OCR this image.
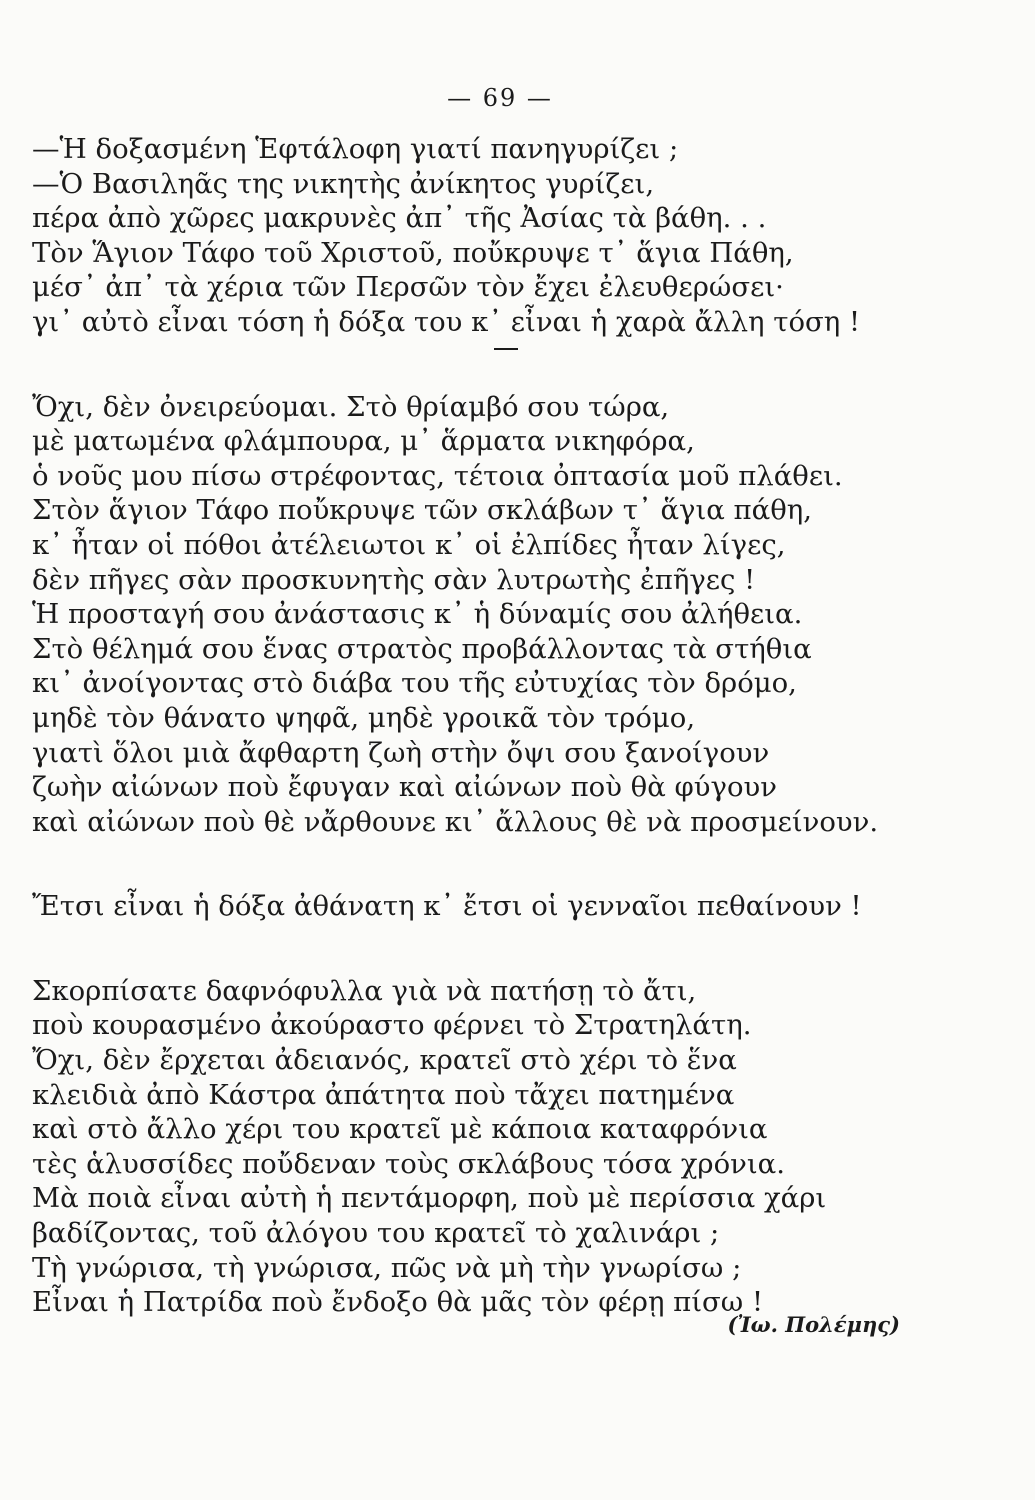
— 69 —
—Ἡ δοξασμένη Ἑφτάλοφη γιατί πανηγυρίζει ;
—Ὁ Βασιληᾶς της νικητὴς ἀνίκητος γυρίζει,
πέρα ἀπὸ χῶρες μακρυνὲς ἀπ᾽ τῆς Ἀσίας τὰ βάθη. . .
Τὸν Ἅγιον Τάφο τοῦ Χριστοῦ, ποὔκρυψε τ᾽ ἅγια Πάθη,
μέσ᾽ ἀπ᾽ τὰ χέρια τῶν Περσῶν τὸν ἔχει ἐλευθερώσει·
γι᾽ αὐτὸ εἶναι τόση ἡ δόξα του κ᾽ εἶναι ἡ χαρὰ ἄλλη τόση !
Ὄχι, δὲν ὀνειρεύομαι. Στὸ θρίαμβό σου τώρα,
μὲ ματωμένα φλάμπουρα, μ᾽ ἅρματα νικηφόρα,
ὁ νοῦς μου πίσω στρέφοντας, τέτοια ὀπτασία μοῦ πλάθει.
Στὸν ἅγιον Τάφο ποὔκρυψε τῶν σκλάβων τ᾽ ἅγια πάθη,
κ᾽ ἦταν οἱ πόθοι ἀτέλειωτοι κ᾽ οἱ ἐλπίδες ἦταν λίγες,
δὲν πῆγες σὰν προσκυνητὴς σὰν λυτρωτὴς ἐπῆγες !
Ἡ προσταγή σου ἀνάστασις κ᾽ ἡ δύναμίς σου ἀλήθεια.
Στὸ θέλημά σου ἕνας στρατὸς προβάλλοντας τὰ στήθια
κι᾽ ἀνοίγοντας στὸ διάβα του τῆς εὐτυχίας τὸν δρόμο,
μηδὲ τὸν θάνατο ψηφᾶ, μηδὲ γροικᾶ τὸν τρόμο,
γιατὶ ὅλοι μιὰ ἄφθαρτη ζωὴ στὴν ὄψι σου ξανοίγουν
ζωὴν αἰώνων ποὺ ἔφυγαν καὶ αἰώνων ποὺ θὰ φύγουν
καὶ αἰώνων ποὺ θὲ νἄρθουνε κι᾽ ἄλλους θὲ νὰ προσμείνουν.
Ἔτσι εἶναι ἡ δόξα ἀθάνατη κ᾽ ἔτσι οἱ γενναῖοι πεθαίνουν !
Σκορπίσατε δαφνόφυλλα γιὰ νὰ πατήσῃ τὸ ἄτι,
ποὺ κουρασμένο ἀκούραστο φέρνει τὸ Στρατηλάτη.
Ὄχι, δὲν ἔρχεται ἀδειανός, κρατεῖ στὸ χέρι τὸ ἕνα
κλειδιὰ ἀπὸ Κάστρα ἀπάτητα ποὺ τἄχει πατημένα
καὶ στὸ ἄλλο χέρι του κρατεῖ μὲ κάποια καταφρόνια
τὲς ἁλυσσίδες ποὔδεναν τοὺς σκλάβους τόσα χρόνια.
Μὰ ποιὰ εἶναι αὐτὴ ἡ πεντάμορφη, ποὺ μὲ περίσσια χάρι
βαδίζοντας, τοῦ ἀλόγου του κρατεῖ τὸ χαλινάρι ;
Τὴ γνώρισα, τὴ γνώρισα, πῶς νὰ μὴ τὴν γνωρίσω ;
Εἶναι ἡ Πατρίδα ποὺ ἔνδοξο θὰ μᾶς τὸν φέρῃ πίσω !
(Ἰω. Πολέμης)
